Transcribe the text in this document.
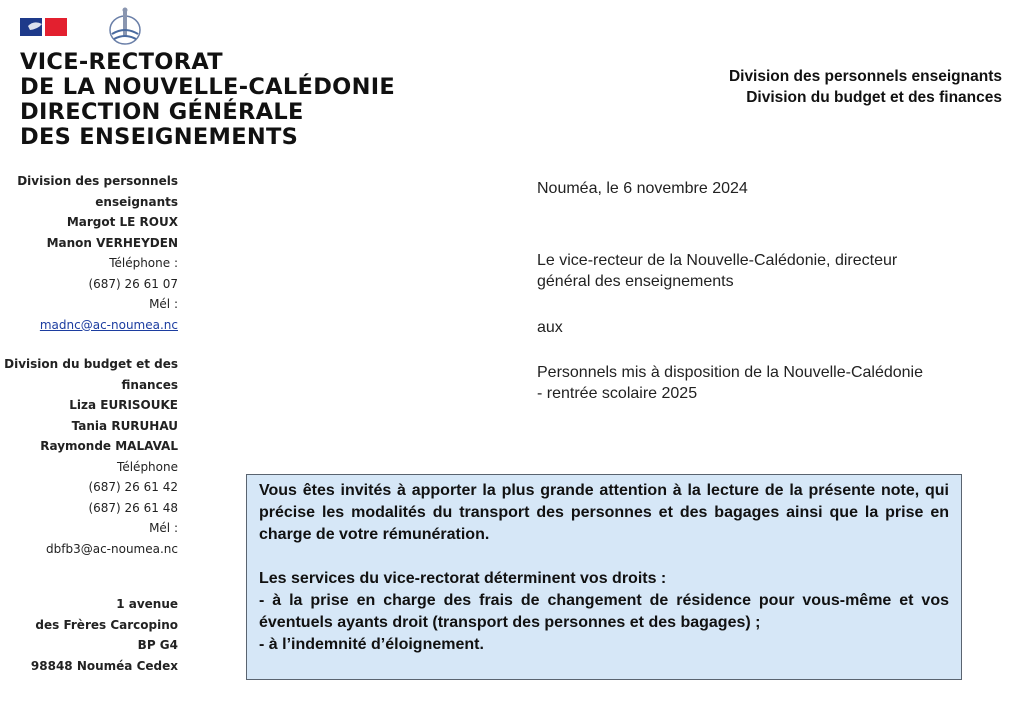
VICE-RECTORAT
DE LA NOUVELLE-CALÉDONIE
DIRECTION GÉNÉRALE
DES ENSEIGNEMENTS
Division des personnels enseignants
Division du budget et des finances
Division des personnels
enseignants
Margot LE ROUX
Manon VERHEYDEN
Téléphone :
(687) 26 61 07
Mél :
madnc@ac-noumea.nc
Division du budget et des
finances
Liza EURISOUKE
Tania RURUHAU
Raymonde MALAVAL
Téléphone
(687) 26 61 42
(687) 26 61 48
Mél :
dbfb3@ac-noumea.nc
1 avenue
des Frères Carcopino
BP G4
98848 Nouméa Cedex
Nouméa, le 6 novembre 2024
Le vice-recteur de la Nouvelle-Calédonie, directeur
général des enseignements
aux
Personnels mis à disposition de la Nouvelle-Calédonie
- rentrée scolaire 2025

Vous êtes invités à apporter la plus grande attention à la lecture de la présente note, qui précise les modalités du transport des personnes et des bagages ainsi que la prise en charge de votre rémunération.

Les services du vice-rectorat déterminent vos droits :
- à la prise en charge des frais de changement de résidence pour vous-même et vos éventuels ayants droit (transport des personnes et des bagages) ;
- à l’indemnité d’éloignement.
